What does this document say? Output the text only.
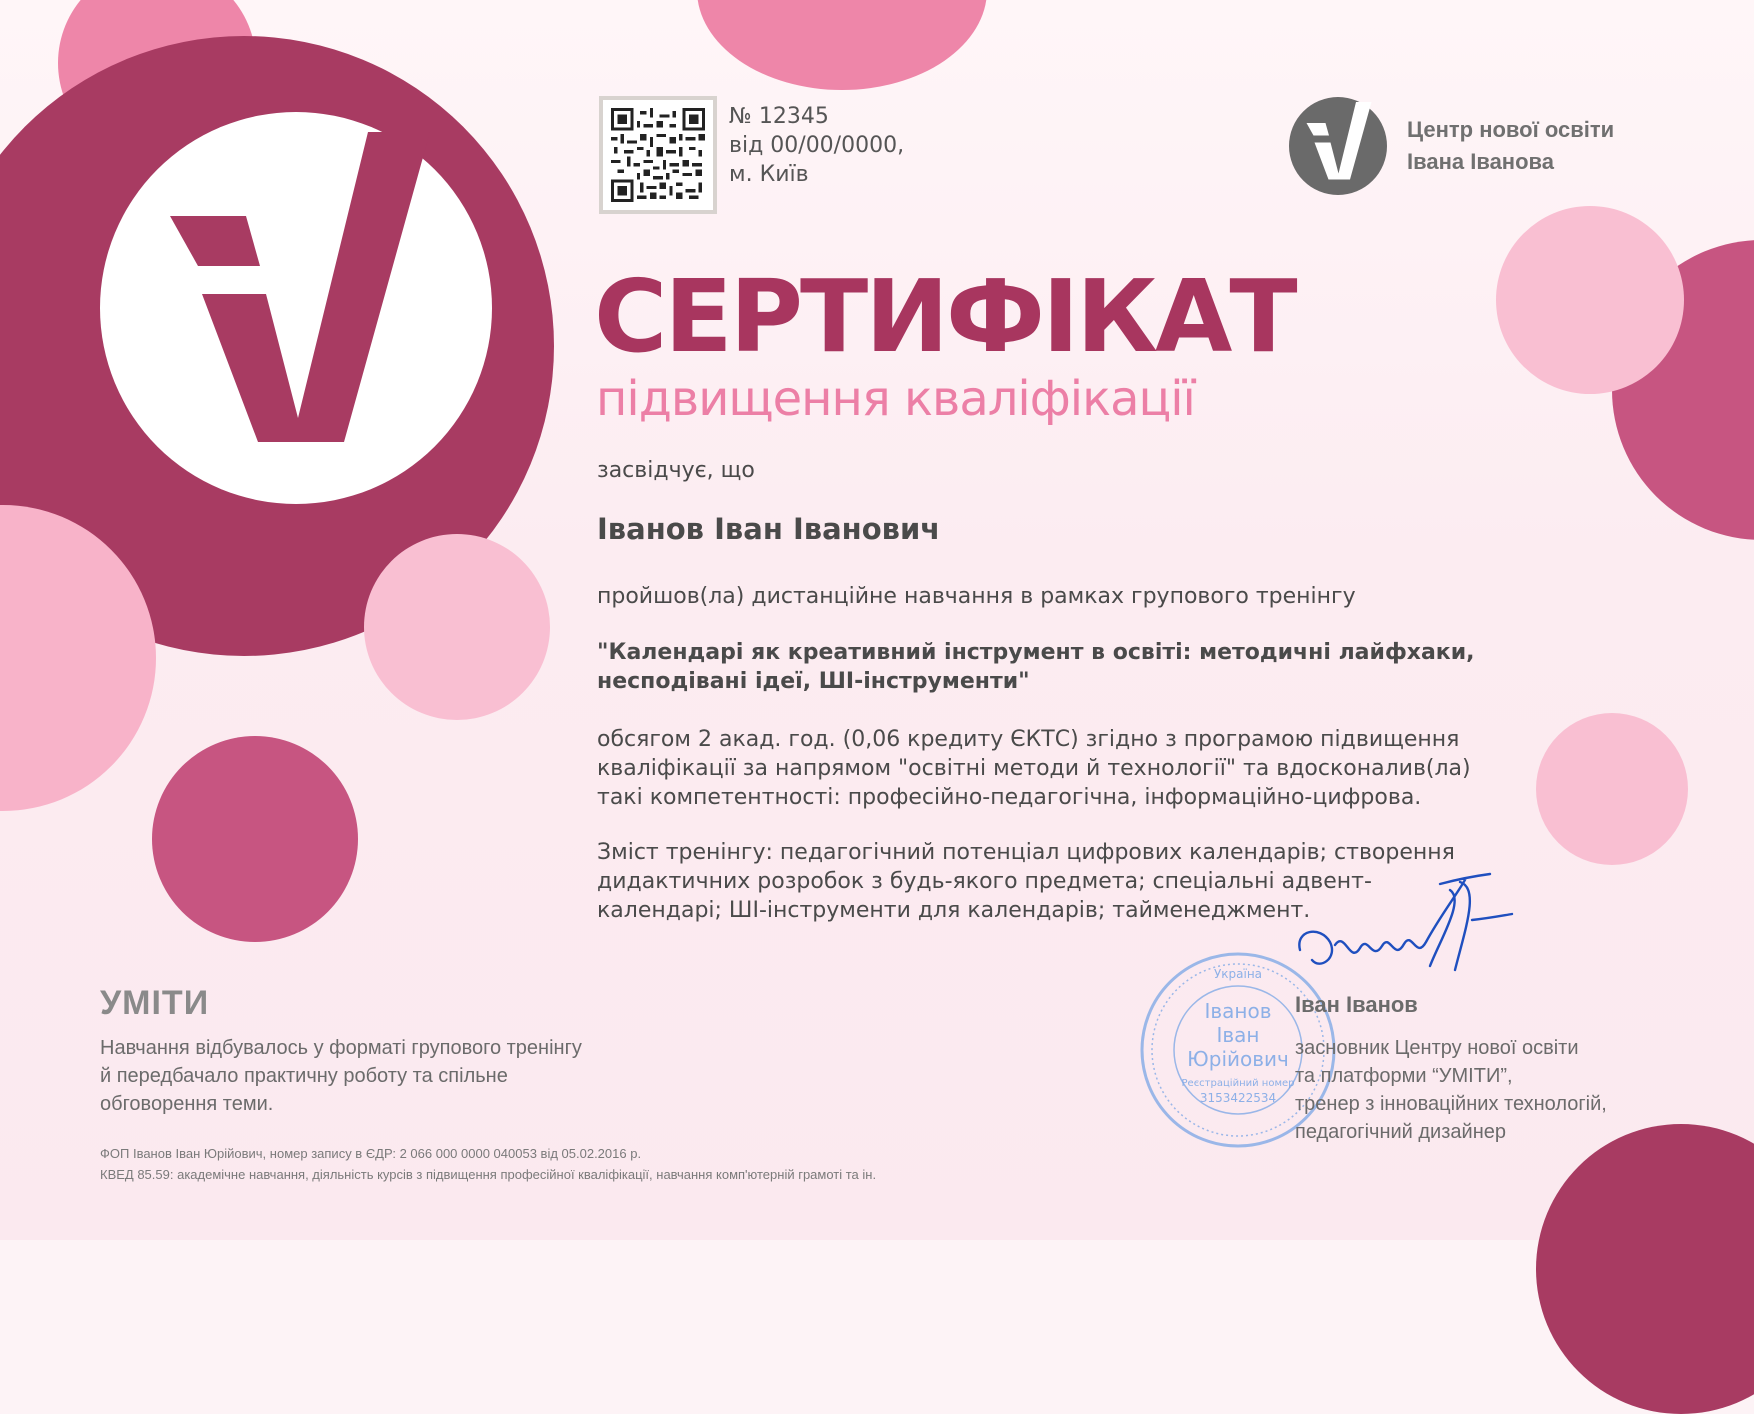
№ 12345
від 00/00/0000,
м. Київ
Центр нової освіти
Івана Іванова
СЕРТИФІКАТ
підвищення кваліфікації
засвідчує, що
Іванов Іван Іванович
пройшов(ла) дистанційне навчання в рамках групового тренінгу
"Календарі як креативний інструмент в освіті: методичні лайфхаки,
несподівані ідеї, ШІ-інструменти"
обсягом 2 акад. год. (0,06 кредиту ЄКТС) згідно з програмою підвищення
кваліфікації за напрямом "освітні методи й технології" та вдосконалив(ла)
такі компетентності: професійно-педагогічна, інформаційно-цифрова.
Зміст тренінгу: педагогічний потенціал цифрових календарів; створення
дидактичних розробок з будь-якого предмета; спеціальні адвент-
календарі; ШІ-інструменти для календарів; тайменеджмент.
УМІТИ
Навчання відбувалось у форматі групового тренінгу
й передбачало практичну роботу та спільне
обговорення теми.
ФОП Іванов Іван Юрійович, номер запису в ЄДР: 2 066 000 0000 040053 від 05.02.2016 р.
КВЕД 85.59: академічне навчання, діяльність курсів з підвищення професійної кваліфікації, навчання комп'ютерній грамоті та ін.
Україна
Іванов
Іван
Юрійович
Реєстраційний номер
3153422534
Іван Іванов
засновник Центру нової освіти
та платформи “УМІТИ”,
тренер з інноваційних технологій,
педагогічний дизайнер
